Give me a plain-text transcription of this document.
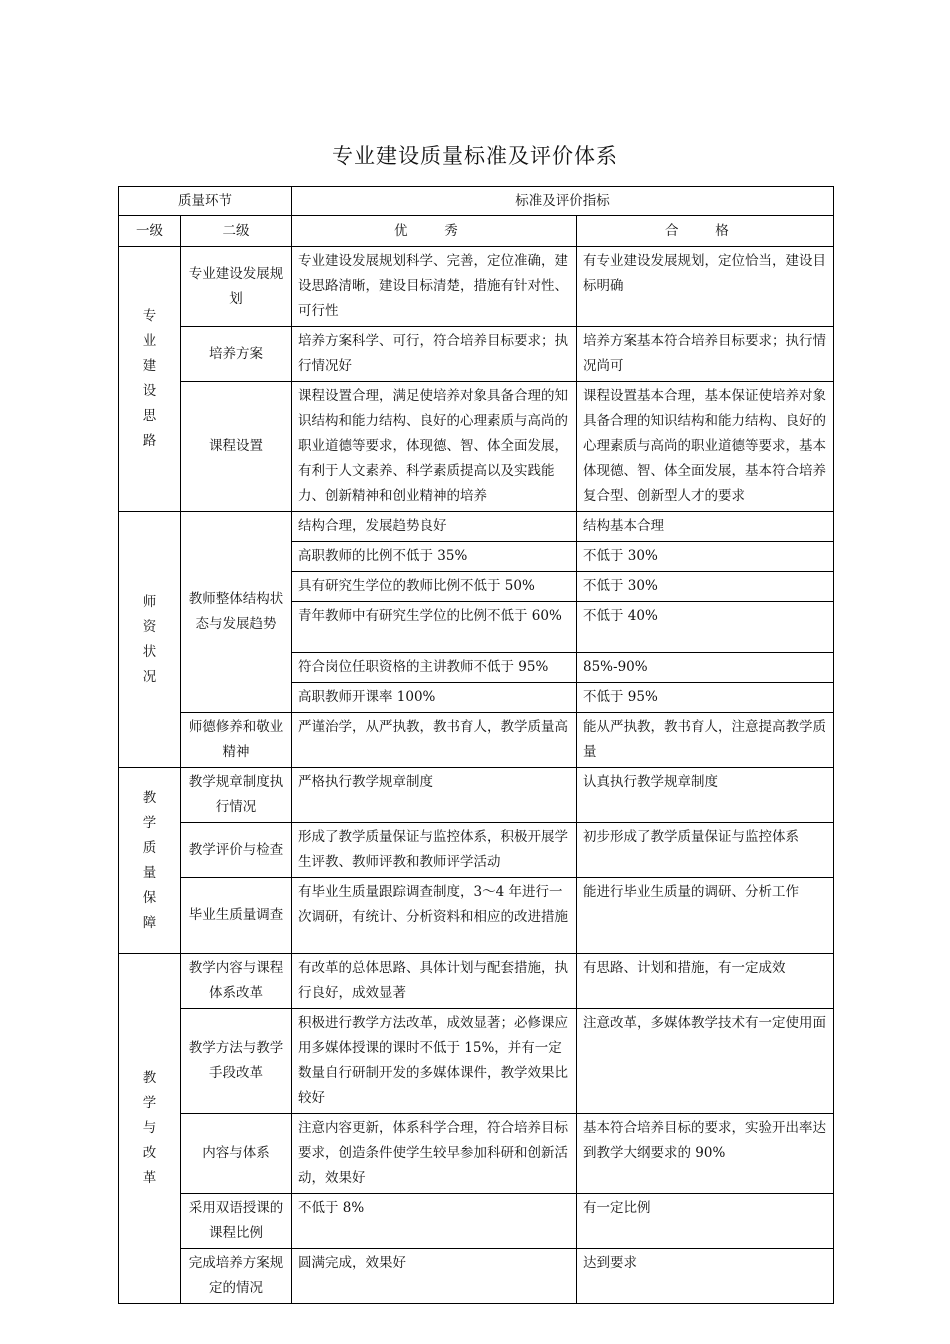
专业建设质量标准及评价体系
质量环节		标准及评价指标	
一级	二级	优 秀	合 格
专业建设思路	专业建设发展规划	专业建设发展规划科学、完善，定位准确，建设思路清晰，建设目标清楚，措施有针对性、可行性	有专业建设发展规划，定位恰当，建设目标明确
	培养方案	培养方案科学、可行，符合培养目标要求；执行情况好	培养方案基本符合培养目标要求；执行情况尚可
	课程设置	课程设置合理，满足使培养对象具备合理的知识结构和能力结构、良好的心理素质与高尚的职业道德等要求，体现德、智、体全面发展，有利于人文素养、科学素质提高以及实践能力、创新精神和创业精神的培养	课程设置基本合理，基本保证使培养对象具备合理的知识结构和能力结构、良好的心理素质与高尚的职业道德等要求，基本体现德、智、体全面发展，基本符合培养复合型、创新型人才的要求
师资状况	教师整体结构状态与发展趋势	结构合理，发展趋势良好	结构基本合理
		高职教师的比例不低于 35%	不低于 30%
		具有研究生学位的教师比例不低于 50%	不低于 30%
		青年教师中有研究生学位的比例不低于 60%	不低于 40%
		符合岗位任职资格的主讲教师不低于 95%	85%-90%
		高职教师开课率 100%	不低于 95%
	师德修养和敬业精神	严谨治学，从严执教，教书育人，教学质量高	能从严执教，教书育人，注意提高教学质量
教学质量保障	教学规章制度执行情况	严格执行教学规章制度	认真执行教学规章制度
	教学评价与检查	形成了教学质量保证与监控体系，积极开展学生评教、教师评教和教师评学活动	初步形成了教学质量保证与监控体系
	毕业生质量调查	有毕业生质量跟踪调查制度，3～4 年进行一次调研，有统计、分析资料和相应的改进措施	能进行毕业生质量的调研、分析工作
教学与改革	教学内容与课程体系改革	有改革的总体思路、具体计划与配套措施，执行良好，成效显著	有思路、计划和措施，有一定成效
	教学方法与教学手段改革	积极进行教学方法改革，成效显著；必修课应用多媒体授课的课时不低于 15%，并有一定数量自行研制开发的多媒体课件，教学效果比较好	注意改革，多媒体教学技术有一定使用面
	内容与体系	注意内容更新，体系科学合理，符合培养目标要求，创造条件使学生较早参加科研和创新活动，效果好	基本符合培养目标的要求，实验开出率达到教学大纲要求的 90%
	采用双语授课的课程比例	不低于 8%	有一定比例
	完成培养方案规定的情况	圆满完成，效果好	达到要求
